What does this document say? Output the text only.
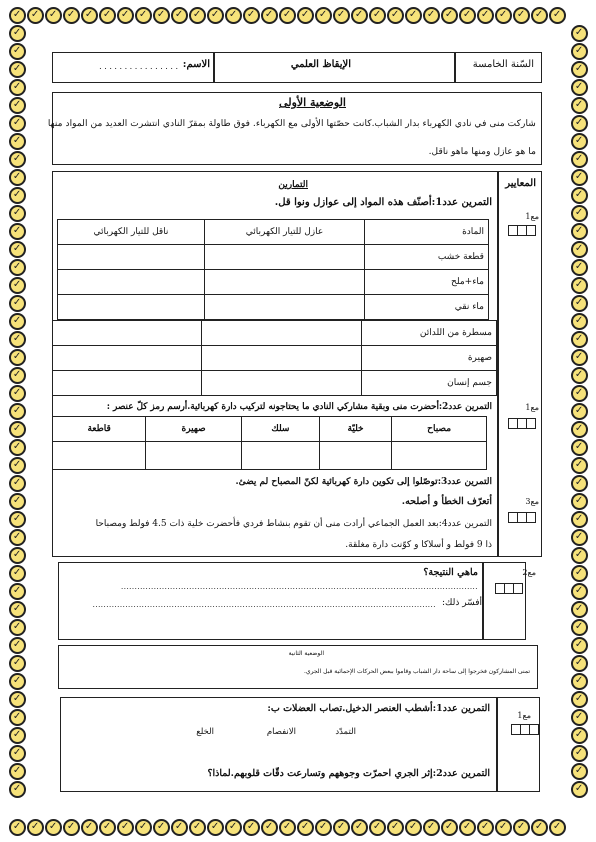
✓
✓
✓
✓
✓
✓
✓
✓
✓
✓
✓
✓
✓
✓
✓
✓
✓
✓
✓
✓
✓
✓
✓
✓
✓
✓
✓
✓
✓
✓
✓
✓
✓
✓
✓
✓
✓
✓
✓
✓
✓
✓
✓
✓
✓
✓
✓
✓
✓
✓
✓
✓
✓
✓
✓
✓
✓
✓
✓
✓
✓
✓
✓
✓
✓
✓
✓
✓
✓
✓
✓
✓
✓
✓
✓
✓
✓
✓
✓
✓
✓
✓
✓
✓
✓
✓
✓
✓
✓
✓
✓
✓
✓
✓
✓
✓
✓
✓
✓
✓
✓
✓
✓
✓
✓
✓
✓
✓
✓
✓
✓
✓
✓
✓
✓
✓
✓
✓
✓
✓
✓
✓
✓
✓
✓
✓
✓
✓
✓
✓
✓
✓
✓
✓
✓
✓
✓
✓
✓
✓
✓
✓
✓
✓
✓
✓
✓
✓
السّنة الخامسة
الإيقاظ العلمي
الاسم:
. . . . . . . . . . . . . . . .
الوضعية الأولى
شاركت منى في نادي الكهرباء بدار الشباب.كانت حصّتها الأولى مع الكهرباء. فوق طاولة بمقرّ النادي انتشرت العديد من المواد منها
ما هو عازل ومنها ماهو ناقل.
المعايير
التمارين
التمرين عدد1:أصنّف هذه المواد إلى عوازل ونوا قل.
مع1
المادة	عازل للتيار الكهربائي	ناقل للتيار الكهربائي
قطعة خشب		
ماء+ملح		
ماء نقي		
مسطرة من اللدائن		
صهيرة		
جسم إنسان		
التمرين عدد2:أحضرت منى وبقية مشاركي النادي ما يحتاجونه لتركيب دارة كهربائية.أرسم رمز كلّ عنصر :	مع1
مصباح	خليّة	سلك	صهيرة	قاطعة

التمرين عدد3:توصّلوا إلى تكوين دارة كهربائية لكنّ المصباح لم يضئ.
أتعرّف الخطأ و أصلحه.	مع3
التمرين عدد4:بعد العمل الجماعي أرادت منى أن تقوم بنشاط فردي فأحضرت خلية ذات 4.5 فولط ومصباحا
ذا 9 فولط و أسلاكا و كوّنت دارة مغلقة.
ماهي النتيجة؟
...................................................................................................................................
أفسّر ذلك:
..............................................................................................................................
مع2
الوضعية الثانية
تمنى المشاركون فخرجوا إلى ساحة دار الشباب وقاموا ببعض الحركات الإحمائية قبل الجري.
مع1
التمرين عدد1:أشطب العنصر الدخيل.تصاب العضلات ب:
التمدّد
الانفصام
الخلع
التمرين عدد2:إثر الجري احمرّت وجوههم وتسارعت دقّات قلوبهم.لماذا؟
